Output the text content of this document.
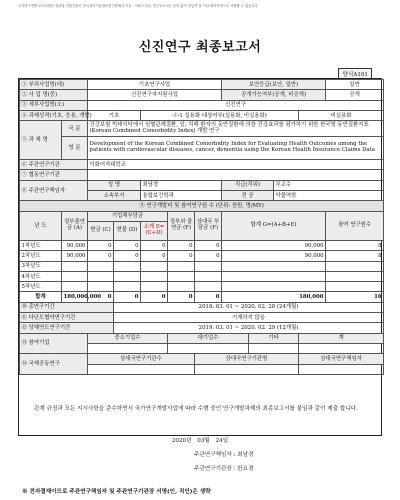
국가연구개발 보고서원문 성과물 전담기관인 한국과학기술정보연구원에서 가공ㆍ서비스 하는 연구보고서는 동의 없이 상업적 및 기타 영리목적으로 사용할 수 없습니다.
신진연구 최종보고서
양식A101
① 부처사업명(대)		기초연구사업					보안등급(보안, 일반)				일반
② 사 업 명(중)		신진연구자지원사업					공개가능여부(공개, 비공개)				공개
③ 세부사업명(소)		신진연구									
④ 과제성격(기초, 응용, 개발)		기초		④-1 실용화 대상여부(실용화, 비실용화)						비실용화	
⑤ 과 제 명	국 문	건강보험 빅데이터에서 심혈관계질환, 암, 치매 환자의 동반질환에 의한 건강효과를 평가하기 위한 한국형 동반질환지표(Korean Combined Comorbidity Index) 개발 연구									
	영 문	Development of the Korean Combined Comorbidity Index for Evaluating Health Outcomes among the patients with cardiovascular diseases, cancer, dementia using the Korean Health Insurance Claims Data									
⑥ 주관연구기관		이화여자대학교									
⑦ 협동연구기관											
⑧ 주관연구책임자		성 명		최남경			직급(직위)		부교수		
		소속부서		융합보건학과			전 공		약물역학		
⑨ 연구개발비 및 참여연구원 수 (단위: 천원, 명/MY)											
년 도	정부출연금 (A)	기업체부담금			정부외 출연금 (F)	상대국 부담금 (F)	합계 G=(A+B+E)				참여 연구원수
		현금 (C)	현물 (D)	소계 E=(C+D)							
1차년도	90,000	0	0	0	0	0	90,000				8
2차년도	90,000	0	0	0	0	0	90,000				8
3차년도											
4차년도											
5차년도											
합계	180,000,000	0	0	0	0	0	180,000				16
⑩ 총연구기간			2018. 03. 01 ~ 2020. 02. 28 (24개월)								
⑪ 다년도협약연구기간			기재하지 않음								
⑫ 당해연도연구기간			2019. 03. 01 ~ 2020. 02. 29 (12개월)								
⑬ 참여기업		중소기업수			대기업수			기타		계	

⑭ 국제공동연구		상대국연구기관수				상대국연구기관명				상대국연구책임자	

관계 규정과 모든 지시사항을 준수하면서 국가연구개발사업에 따라 수행 중인 연구개발과제의 최종보고서를 붙임과 같이 제출 합니다.
2020년 03월 24일
주관연구책임자 : 최남경
주관연구기관장 : 한요경
※ 전자결재이므로 주관연구책임자 및 주관연구기관장 서명(인, 직인)은 생략
